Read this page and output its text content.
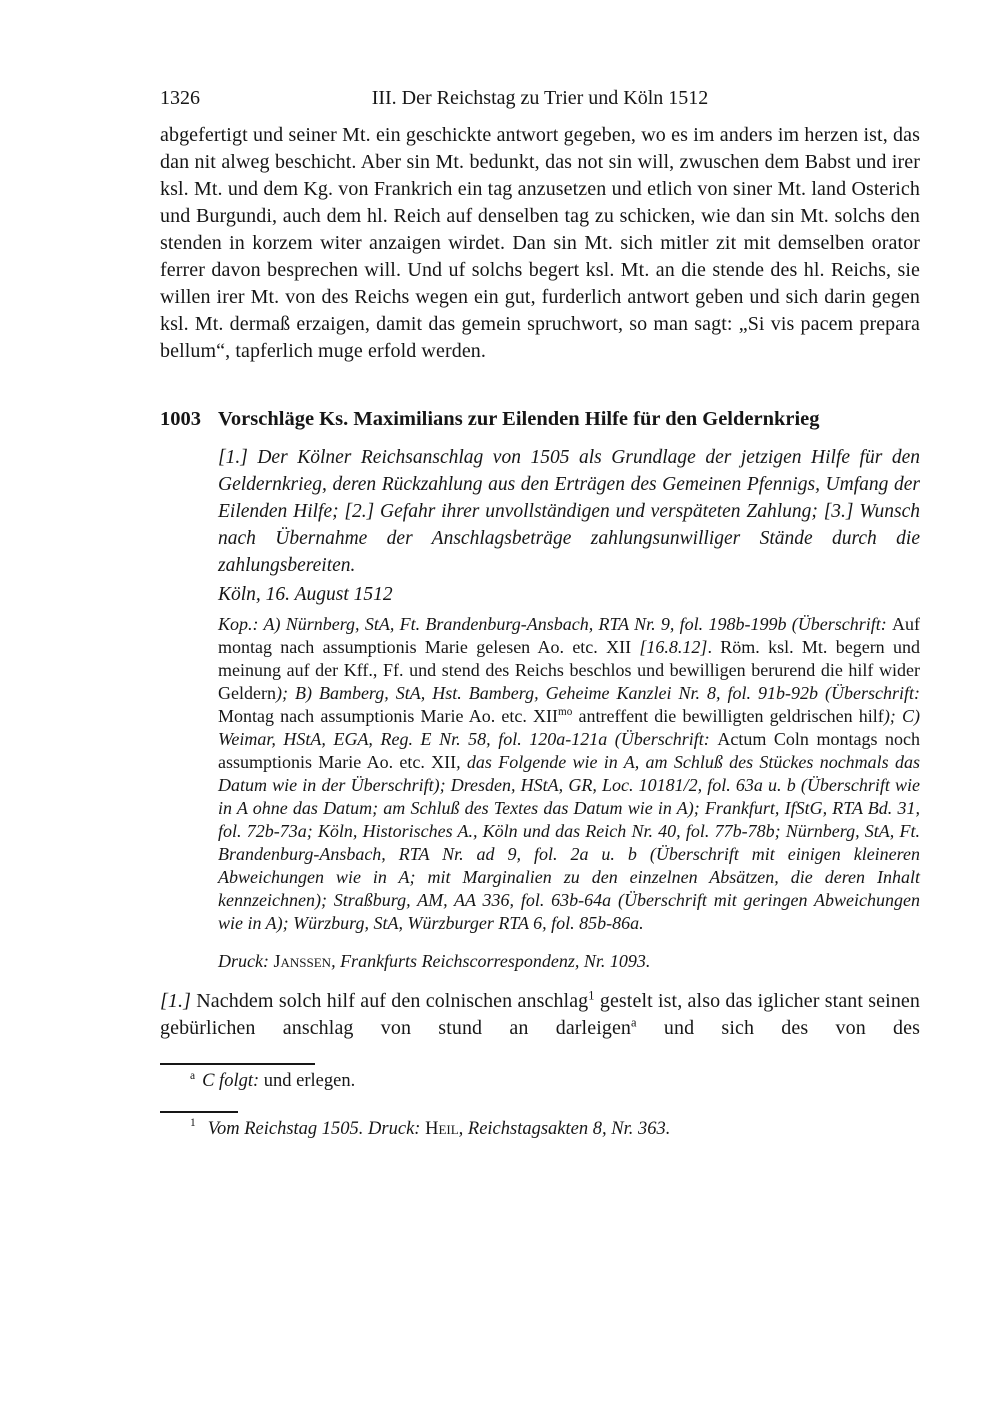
1326	III. Der Reichstag zu Trier und Köln 1512

abgefertigt und seiner Mt. ein geschickte antwort gegeben, wo es im anders im herzen ist, das dan nit alweg beschicht. Aber sin Mt. bedunkt, das not sin will, zwuschen dem Babst und irer ksl. Mt. und dem Kg. von Frankrich ein tag anzusetzen und etlich von siner Mt. land Osterich und Burgundi, auch dem hl. Reich auf denselben tag zu schicken, wie dan sin Mt. solchs den stenden in korzem witer anzaigen wirdet. Dan sin Mt. sich mitler zit mit demselben orator ferrer davon besprechen will. Und uf solchs begert ksl. Mt. an die stende des hl. Reichs, sie willen irer Mt. von des Reichs wegen ein gut, furderlich antwort geben und sich darin gegen ksl. Mt. dermaß erzaigen, damit das gemein spruchwort, so man sagt: „Si vis pacem prepara bellum“, tapferlich muge erfold werden.

1003 Vorschläge Ks. Maximilians zur Eilenden Hilfe für den Geldernkrieg

[1.] Der Kölner Reichsanschlag von 1505 als Grundlage der jetzigen Hilfe für den Geldernkrieg, deren Rückzahlung aus den Erträgen des Gemeinen Pfennigs, Umfang der Eilenden Hilfe; [2.] Gefahr ihrer unvollständigen und verspäteten Zahlung; [3.] Wunsch nach Übernahme der Anschlagsbeträge zahlungsunwilliger Stände durch die zahlungsbereiten.

Köln, 16. August 1512

Kop.: A) Nürnberg, StA, Ft. Brandenburg-Ansbach, RTA Nr. 9, fol. 198b-199b (Überschrift: Auf montag nach assumptionis Marie gelesen Ao. etc. XII [16.8.12]. Röm. ksl. Mt. begern und meinung auf der Kff., Ff. und stend des Reichs beschlos und bewilligen berurend die hilf wider Geldern); B) Bamberg, StA, Hst. Bamberg, Geheime Kanzlei Nr. 8, fol. 91b-92b (Überschrift: Montag nach assumptionis Marie Ao. etc. $XII^{mo}$ antreffent die bewilligten geldrischen hilf); C) Weimar, HStA, EGA, Reg. E Nr. 58, fol. 120a-121a (Überschrift: Actum Coln montags noch assumptionis Marie Ao. etc. XII, das Folgende wie in A, am Schluß des Stückes nochmals das Datum wie in der Überschrift); Dresden, HStA, GR, Loc. 10181/2, fol. 63a u. b (Überschrift wie in A ohne das Datum; am Schluß des Textes das Datum wie in A); Frankfurt, IfStG, RTA Bd. 31, fol. 72b-73a; Köln, Historisches A., Köln und das Reich Nr. 40, fol. 77b-78b; Nürnberg, StA, Ft. Brandenburg-Ansbach, RTA Nr. ad 9, fol. 2a u. b (Überschrift mit einigen kleineren Abweichungen wie in A; mit Marginalien zu den einzelnen Absätzen, die deren Inhalt kennzeichnen); Straßburg, AM, AA 336, fol. 63b-64a (Überschrift mit geringen Abweichungen wie in A); Würzburg, StA, Würzburger RTA 6, fol. 85b-86a.

Druck: Janssen, Frankfurts Reichscorrespondenz, Nr. 1093.

[1.] Nachdem solch hilf auf den colnischen anschlag$^1$ gestelt ist, also das iglicher stant seinen gebürlichen anschlag von stund an darleigen$^a$ und sich des von des

$^a$ C folgt: und erlegen.

$^1$ Vom Reichstag 1505. Druck: Heil, Reichstagsakten 8, Nr. 363.
